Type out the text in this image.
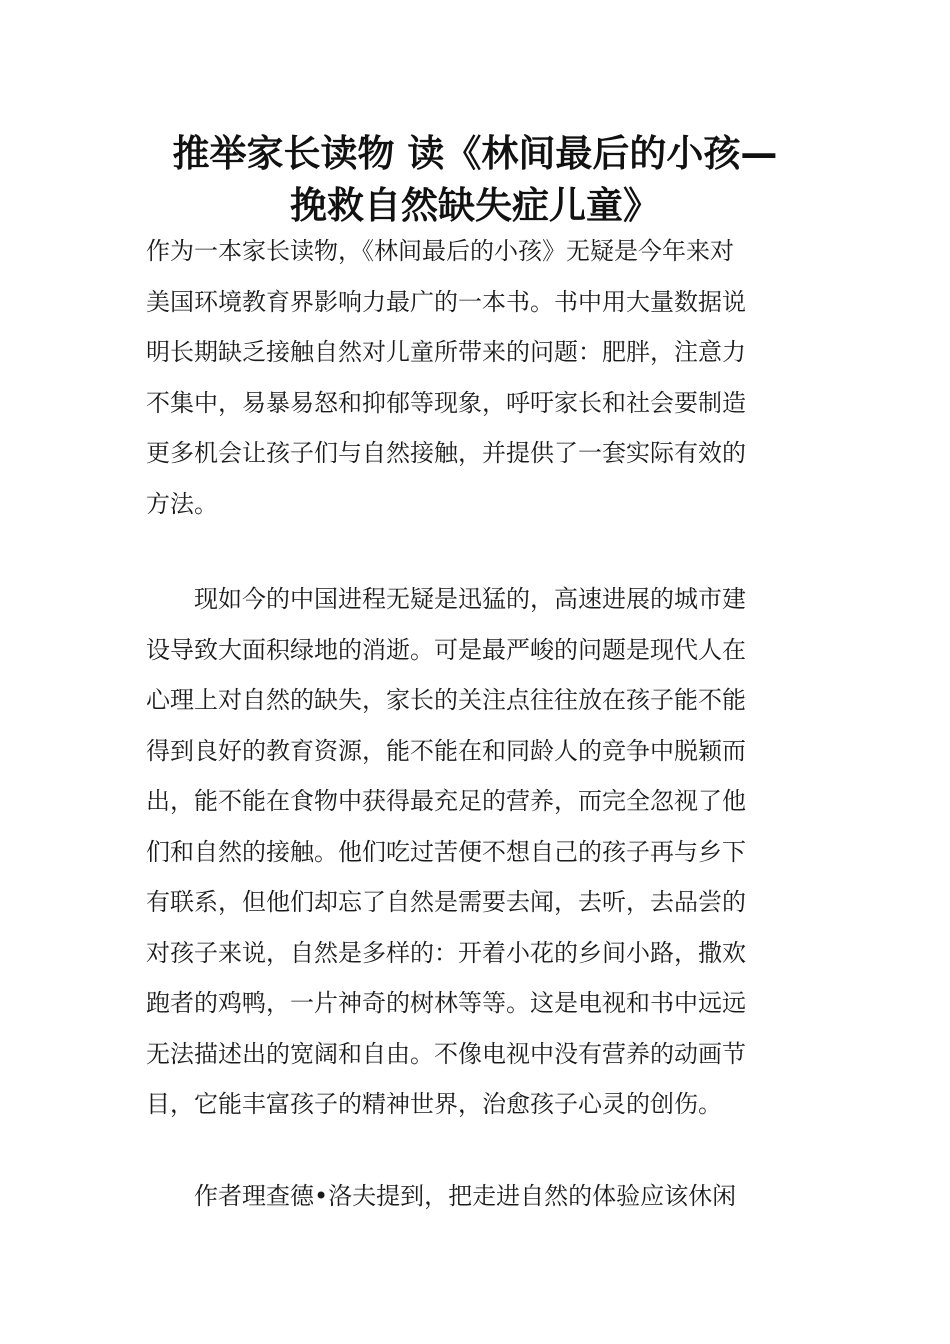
推举家长读物 读《林间最后的小孩—
挽救自然缺失症儿童》
作为一本家长读物，《林间最后的小孩》无疑是今年来对
美国环境教育界影响力最广的一本书。书中用大量数据说
明长期缺乏接触自然对儿童所带来的问题：肥胖，注意力
不集中，易暴易怒和抑郁等现象，呼吁家长和社会要制造
更多机会让孩子们与自然接触，并提供了一套实际有效的
方法。
　　现如今的中国进程无疑是迅猛的，高速进展的城市建
设导致大面积绿地的消逝。可是最严峻的问题是现代人在
心理上对自然的缺失，家长的关注点往往放在孩子能不能
得到良好的教育资源，能不能在和同龄人的竞争中脱颖而
出，能不能在食物中获得最充足的营养，而完全忽视了他
们和自然的接触。他们吃过苦便不想自己的孩子再与乡下
有联系，但他们却忘了自然是需要去闻，去听，去品尝的
对孩子来说，自然是多样的：开着小花的乡间小路，撒欢
跑者的鸡鸭，一片神奇的树林等等。这是电视和书中远远
无法描述出的宽阔和自由。不像电视中没有营养的动画节
目，它能丰富孩子的精神世界，治愈孩子心灵的创伤。
　　作者理查德•洛夫提到，把走进自然的体验应该休闲
